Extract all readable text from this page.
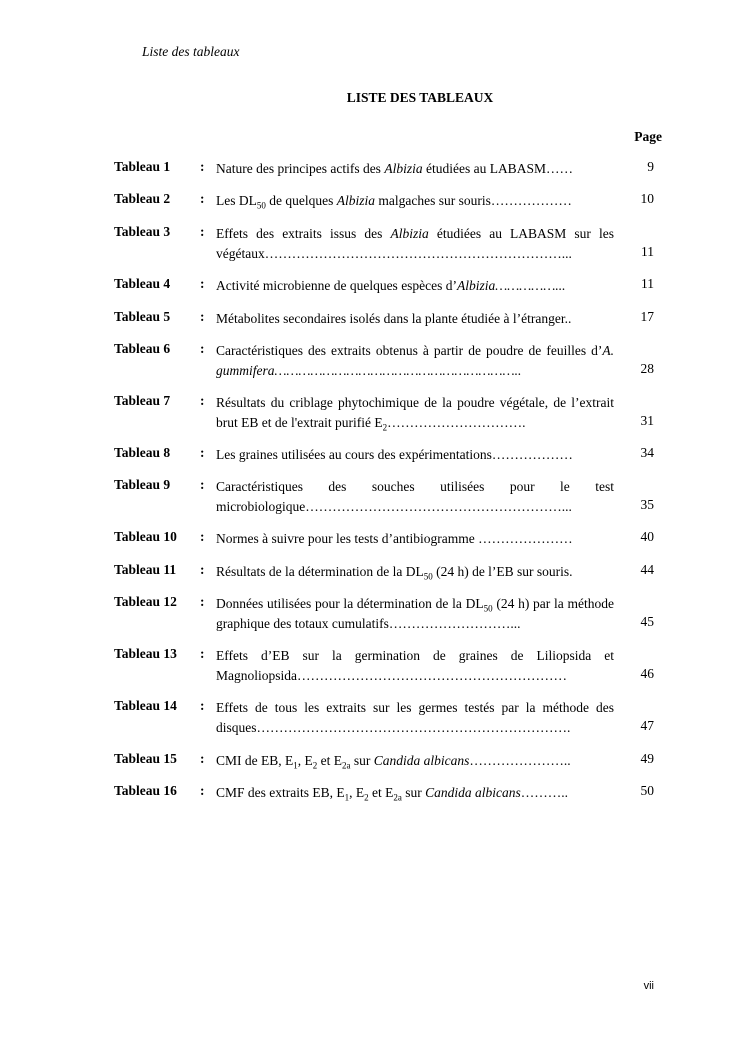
Liste des tableaux
LISTE DES TABLEAUX
Page
Tableau 1 : Nature des principes actifs des Albizia étudiées au LABASM……	9
Tableau 2 : Les $DL_{50}$ de quelques Albizia malgaches sur souris………………	10
Tableau 3 : Effets des extraits issus des Albizia étudiées au LABASM sur les végétaux…………………………………………………………...	11
Tableau 4 : Activité microbienne de quelques espèces d’Albizia……………...	11
Tableau 5 : Métabolites secondaires isolés dans la plante étudiée à l’étranger..	17
Tableau 6 : Caractéristiques des extraits obtenus à partir de poudre de feuilles d’A. gummifera……………………………………………………..	28
Tableau 7 : Résultats du criblage phytochimique de la poudre végétale, de l’extrait brut EB et de l'extrait purifié $E_2\dots\dots\dots\dots\dots\dots\dots\dots\dots\dots$.	31
Tableau 8 : Les graines utilisées au cours des expérimentations………………	34
Tableau 9 : Caractéristiques des souches utilisées pour le test microbiologique…………………………………………………...	35
Tableau 10 : Normes à suivre pour les tests d’antibiogramme …………………	40
Tableau 11 : Résultats de la détermination de la $DL_{50}$ (24 h) de l’EB sur souris.	44
Tableau 12 : Données utilisées pour la détermination de la $DL_{50}$ (24 h) par la méthode graphique des totaux cumulatifs………………………...	45
Tableau 13 : Effets d’EB sur la germination de graines de Liliopsida et Magnoliopsida……………………………………………………	46
Tableau 14 : Effets de tous les extraits sur les germes testés par la méthode des disques…………………………………………………………….	47
Tableau 15 : CMI de EB, $E_1$, $E_2$ et $E_{2a}$ sur Candida albicans…………………..	49
Tableau 16 : CMF des extraits EB, $E_1$, $E_2$ et $E_{2a}$ sur Candida albicans………..	50
vii
